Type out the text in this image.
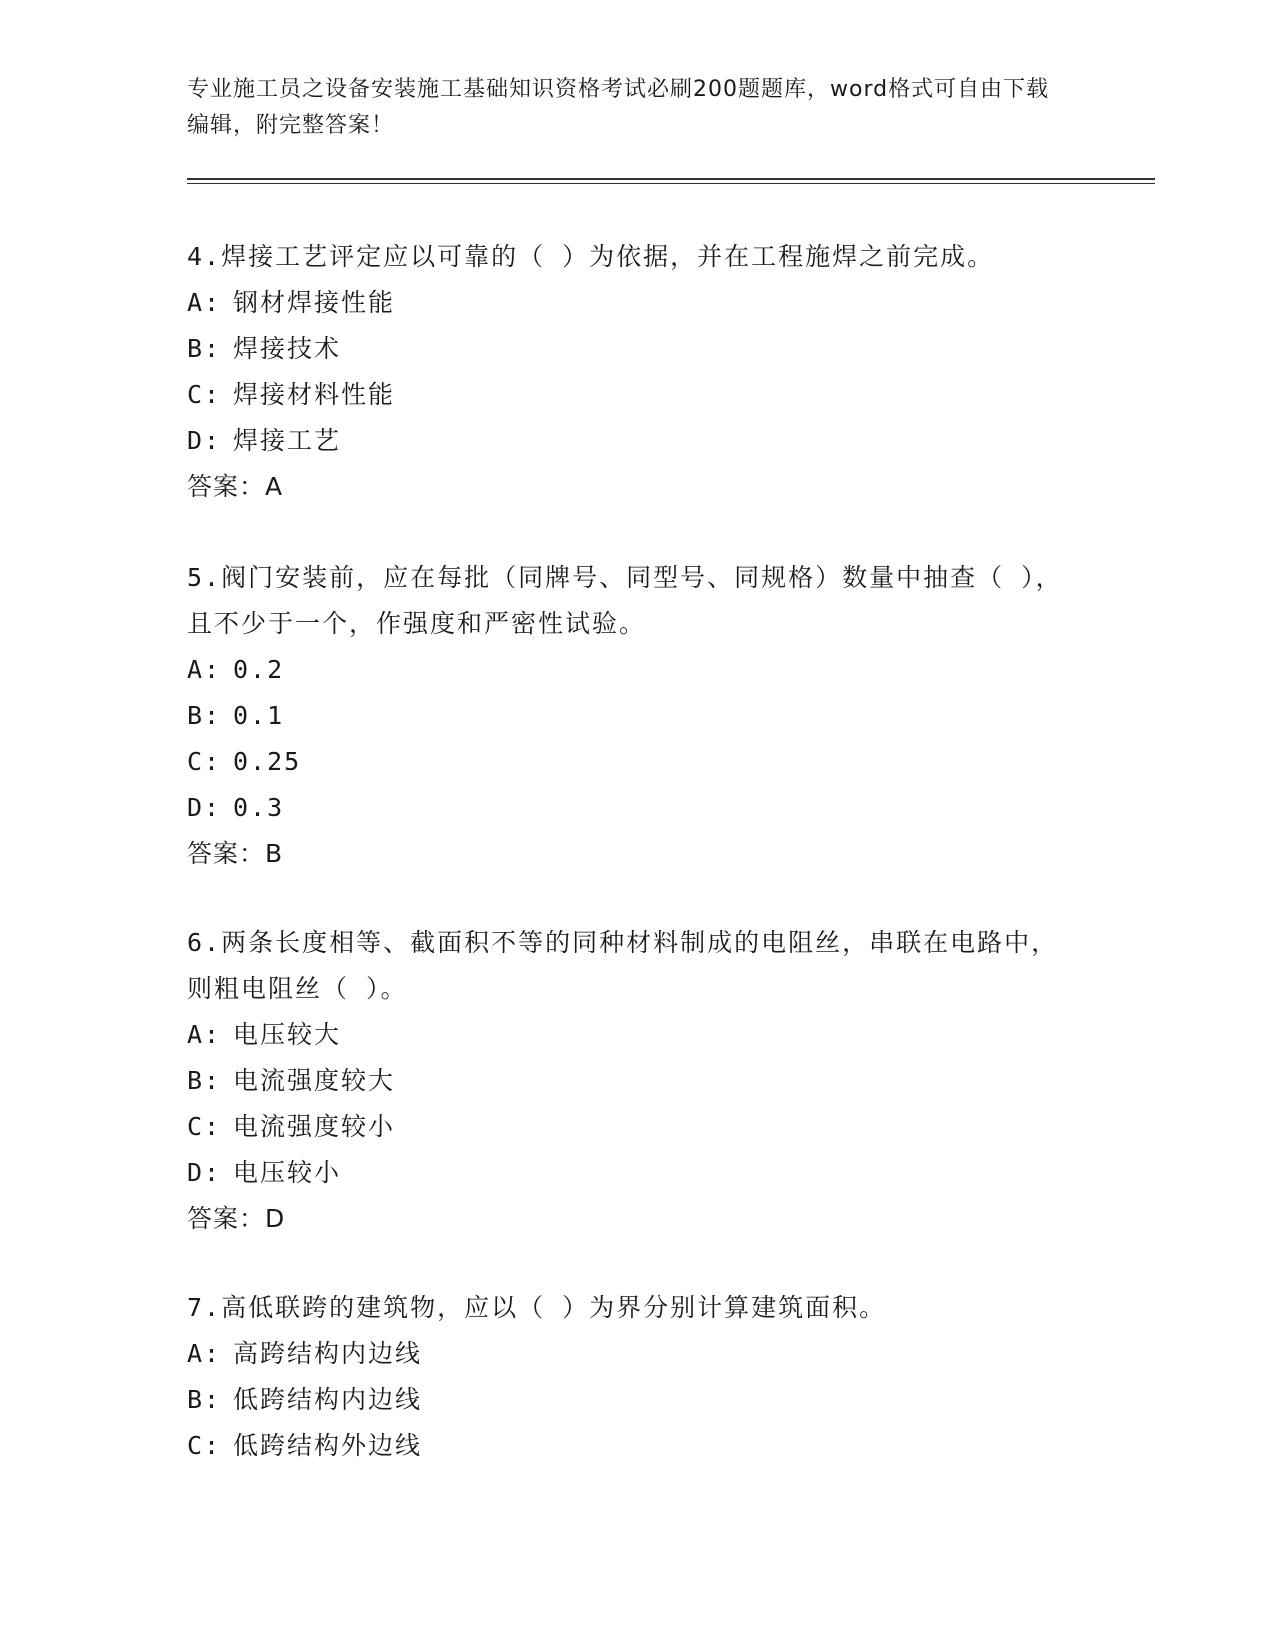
专业施工员之设备安装施工基础知识资格考试必刷200题题库，word格式可自由下载编辑，附完整答案！

4.焊接工艺评定应以可靠的（ ）为依据，并在工程施焊之前完成。

A: 钢材焊接性能

B: 焊接技术

C: 焊接材料性能

D: 焊接工艺

答案：A

5.阀门安装前，应在每批（同牌号、同型号、同规格）数量中抽查（ ），且不少于一个，作强度和严密性试验。

A: 0.2

B: 0.1

C: 0.25

D: 0.3

答案：B

6.两条长度相等、截面积不等的同种材料制成的电阻丝，串联在电路中，则粗电阻丝（ ）。

A: 电压较大

B: 电流强度较大

C: 电流强度较小

D: 电压较小

答案：D

7.高低联跨的建筑物，应以（ ）为界分别计算建筑面积。

A: 高跨结构内边线

B: 低跨结构内边线

C: 低跨结构外边线
